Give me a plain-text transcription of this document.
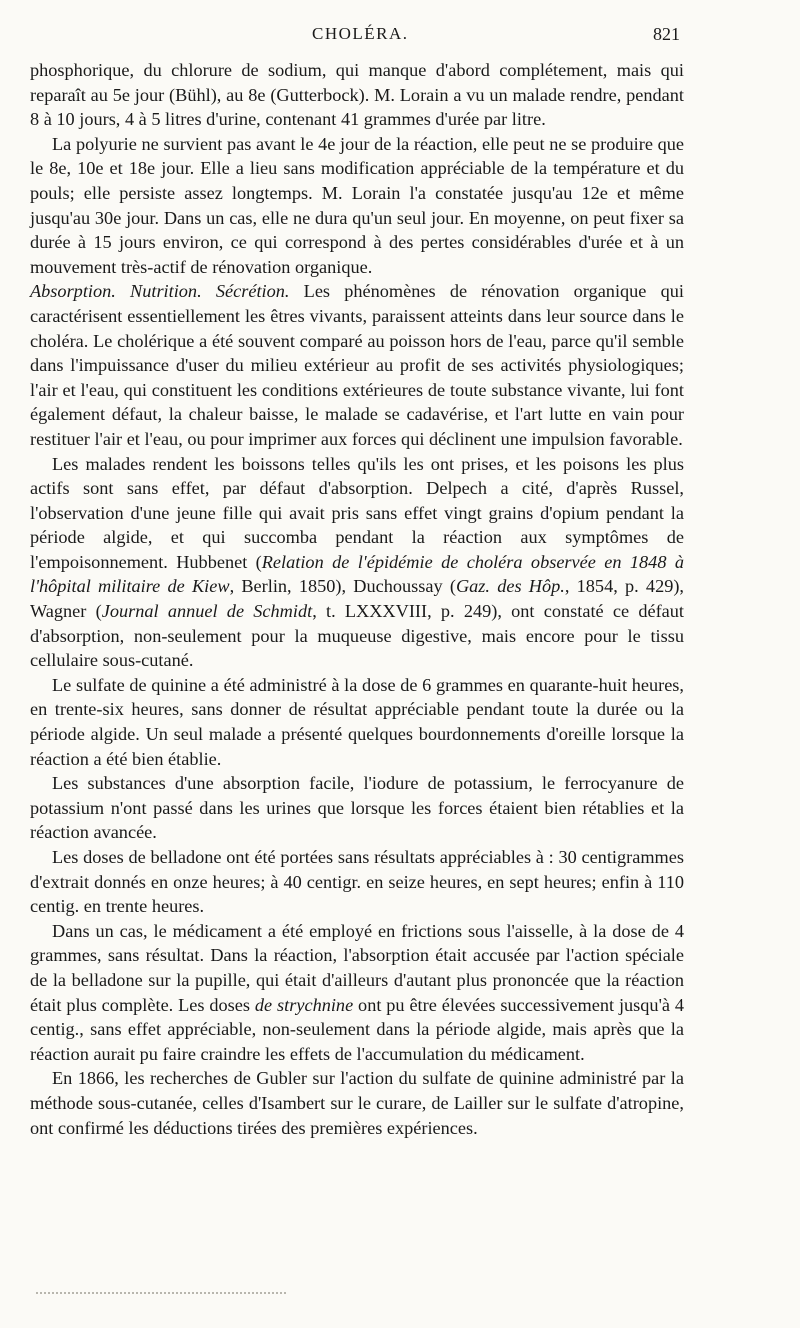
CHOLÉRA.	821

phosphorique, du chlorure de sodium, qui manque d'abord complétement, mais qui reparaît au 5e jour (Bühl), au 8e (Gutterbock). M. Lorain a vu un malade rendre, pendant 8 à 10 jours, 4 à 5 litres d'urine, contenant 41 grammes d'urée par litre.

La polyurie ne survient pas avant le 4e jour de la réaction, elle peut ne se produire que le 8e, 10e et 18e jour. Elle a lieu sans modification appréciable de la température et du pouls; elle persiste assez longtemps. M. Lorain l'a constatée jusqu'au 12e et même jusqu'au 30e jour. Dans un cas, elle ne dura qu'un seul jour. En moyenne, on peut fixer sa durée à 15 jours environ, ce qui correspond à des pertes considérables d'urée et à un mouvement très-actif de rénovation organique.

Absorption. Nutrition. Sécrétion. Les phénomènes de rénovation organique qui caractérisent essentiellement les êtres vivants, paraissent atteints dans leur source dans le choléra. Le cholérique a été souvent comparé au poisson hors de l'eau, parce qu'il semble dans l'impuissance d'user du milieu extérieur au profit de ses activités physiologiques; l'air et l'eau, qui constituent les conditions extérieures de toute substance vivante, lui font également défaut, la chaleur baisse, le malade se cadavérise, et l'art lutte en vain pour restituer l'air et l'eau, ou pour imprimer aux forces qui déclinent une impulsion favorable.

Les malades rendent les boissons telles qu'ils les ont prises, et les poisons les plus actifs sont sans effet, par défaut d'absorption. Delpech a cité, d'après Russel, l'observation d'une jeune fille qui avait pris sans effet vingt grains d'opium pendant la période algide, et qui succomba pendant la réaction aux symptômes de l'empoisonnement. Hubbenet (Relation de l'épidémie de choléra observée en 1848 à l'hôpital militaire de Kiew, Berlin, 1850), Duchoussay (Gaz. des Hôp., 1854, p. 429), Wagner (Journal annuel de Schmidt, t. LXXXVIII, p. 249), ont constaté ce défaut d'absorption, non-seulement pour la muqueuse digestive, mais encore pour le tissu cellulaire sous-cutané.

Le sulfate de quinine a été administré à la dose de 6 grammes en quarante-huit heures, en trente-six heures, sans donner de résultat appréciable pendant toute la durée ou la période algide. Un seul malade a présenté quelques bourdonnements d'oreille lorsque la réaction a été bien établie.

Les substances d'une absorption facile, l'iodure de potassium, le ferrocyanure de potassium n'ont passé dans les urines que lorsque les forces étaient bien rétablies et la réaction avancée.

Les doses de belladone ont été portées sans résultats appréciables à : 30 centigrammes d'extrait donnés en onze heures; à 40 centigr. en seize heures, en sept heures; enfin à 110 centig. en trente heures.

Dans un cas, le médicament a été employé en frictions sous l'aisselle, à la dose de 4 grammes, sans résultat. Dans la réaction, l'absorption était accusée par l'action spéciale de la belladone sur la pupille, qui était d'ailleurs d'autant plus prononcée que la réaction était plus complète. Les doses de strychnine ont pu être élevées successivement jusqu'à 4 centig., sans effet appréciable, non-seulement dans la période algide, mais après que la réaction aurait pu faire craindre les effets de l'accumulation du médicament.

En 1866, les recherches de Gubler sur l'action du sulfate de quinine administré par la méthode sous-cutanée, celles d'Isambert sur le curare, de Lailler sur le sulfate d'atropine, ont confirmé les déductions tirées des premières expériences.
